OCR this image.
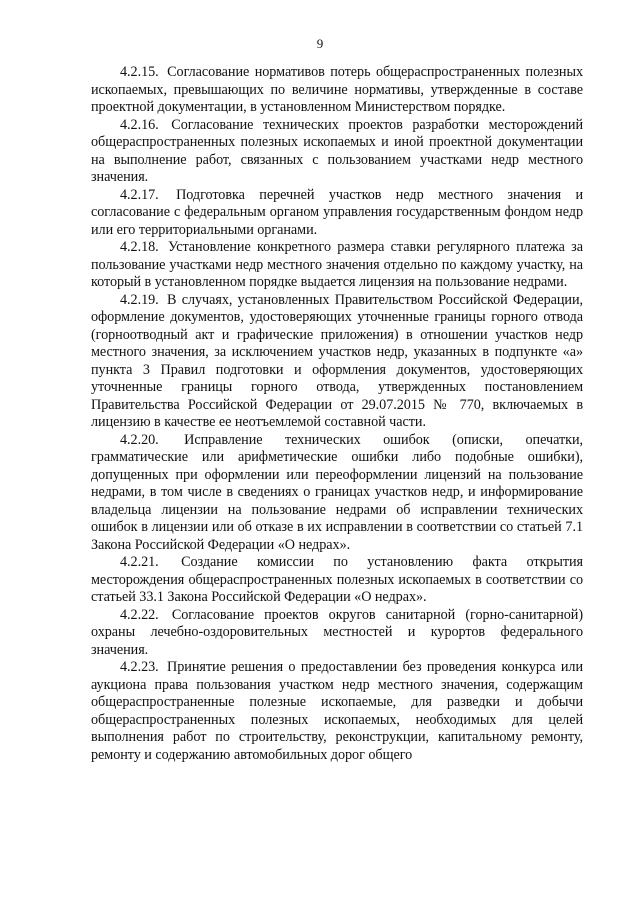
9

4.2.15. Согласование нормативов потерь общераспространенных полезных ископаемых, превышающих по величине нормативы, утвержденные в составе проектной документации, в установленном Министерством порядке.

4.2.16. Согласование технических проектов разработки месторождений общераспространенных полезных ископаемых и иной проектной документации на выполнение работ, связанных с пользованием участками недр местного значения.

4.2.17. Подготовка перечней участков недр местного значения и согласование с федеральным органом управления государственным фондом недр или его территориальными органами.

4.2.18. Установление конкретного размера ставки регулярного платежа за пользование участками недр местного значения отдельно по каждому участку, на который в установленном порядке выдается лицензия на пользование недрами.

4.2.19. В случаях, установленных Правительством Российской Федерации, оформление документов, удостоверяющих уточненные границы горного отвода (горноотводный акт и графические приложения) в отношении участков недр местного значения, за исключением участков недр, указанных в подпункте «а» пункта 3 Правил подготовки и оформления документов, удостоверяющих уточненные границы горного отвода, утвержденных постановлением Правительства Российской Федерации от 29.07.2015 № 770, включаемых в лицензию в качестве ее неотъемлемой составной части.

4.2.20. Исправление технических ошибок (описки, опечатки, грамматические или арифметические ошибки либо подобные ошибки), допущенных при оформлении или переоформлении лицензий на пользование недрами, в том числе в сведениях о границах участков недр, и информирование владельца лицензии на пользование недрами об исправлении технических ошибок в лицензии или об отказе в их исправлении в соответствии со статьей 7.1 Закона Российской Федерации «О недрах».

4.2.21. Создание комиссии по установлению факта открытия месторождения общераспространенных полезных ископаемых в соответствии со статьей 33.1 Закона Российской Федерации «О недрах».

4.2.22. Согласование проектов округов санитарной (горно-санитарной) охраны лечебно-оздоровительных местностей и курортов федерального значения.

4.2.23. Принятие решения о предоставлении без проведения конкурса или аукциона права пользования участком недр местного значения, содержащим общераспространенные полезные ископаемые, для разведки и добычи общераспространенных полезных ископаемых, необходимых для целей выполнения работ по строительству, реконструкции, капитальному ремонту, ремонту и содержанию автомобильных дорог общего
